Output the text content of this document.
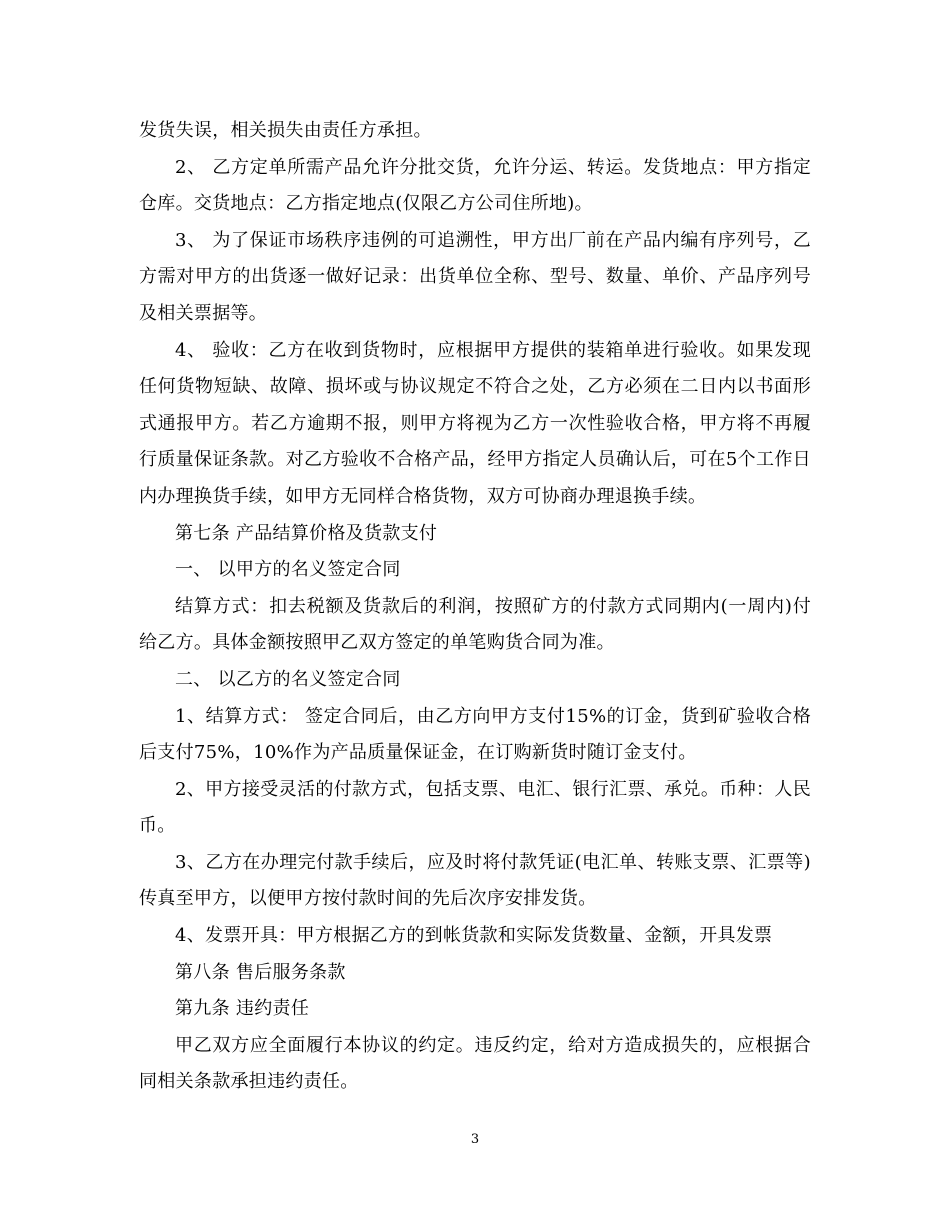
发货失误，相关损失由责任方承担。

2、 乙方定单所需产品允许分批交货，允许分运、转运。发货地点：甲方指定仓库。交货地点：乙方指定地点(仅限乙方公司住所地)。

3、 为了保证市场秩序违例的可追溯性，甲方出厂前在产品内编有序列号，乙方需对甲方的出货逐一做好记录：出货单位全称、型号、数量、单价、产品序列号及相关票据等。

4、 验收：乙方在收到货物时，应根据甲方提供的装箱单进行验收。如果发现任何货物短缺、故障、损坏或与协议规定不符合之处，乙方必须在二日内以书面形式通报甲方。若乙方逾期不报，则甲方将视为乙方一次性验收合格，甲方将不再履行质量保证条款。对乙方验收不合格产品，经甲方指定人员确认后，可在5个工作日内办理换货手续，如甲方无同样合格货物，双方可协商办理退换手续。

第七条 产品结算价格及货款支付

一、 以甲方的名义签定合同

结算方式：扣去税额及货款后的利润，按照矿方的付款方式同期内(一周内)付给乙方。具体金额按照甲乙双方签定的单笔购货合同为准。

二、 以乙方的名义签定合同

1、结算方式： 签定合同后，由乙方向甲方支付15%的订金，货到矿验收合格后支付75%，10%作为产品质量保证金，在订购新货时随订金支付。

2、甲方接受灵活的付款方式，包括支票、电汇、银行汇票、承兑。币种：人民币。

3、乙方在办理完付款手续后，应及时将付款凭证(电汇单、转账支票、汇票等)传真至甲方，以便甲方按付款时间的先后次序安排发货。

4、发票开具：甲方根据乙方的到帐货款和实际发货数量、金额，开具发票

第八条 售后服务条款

第九条 违约责任

甲乙双方应全面履行本协议的约定。违反约定，给对方造成损失的，应根据合同相关条款承担违约责任。

3
